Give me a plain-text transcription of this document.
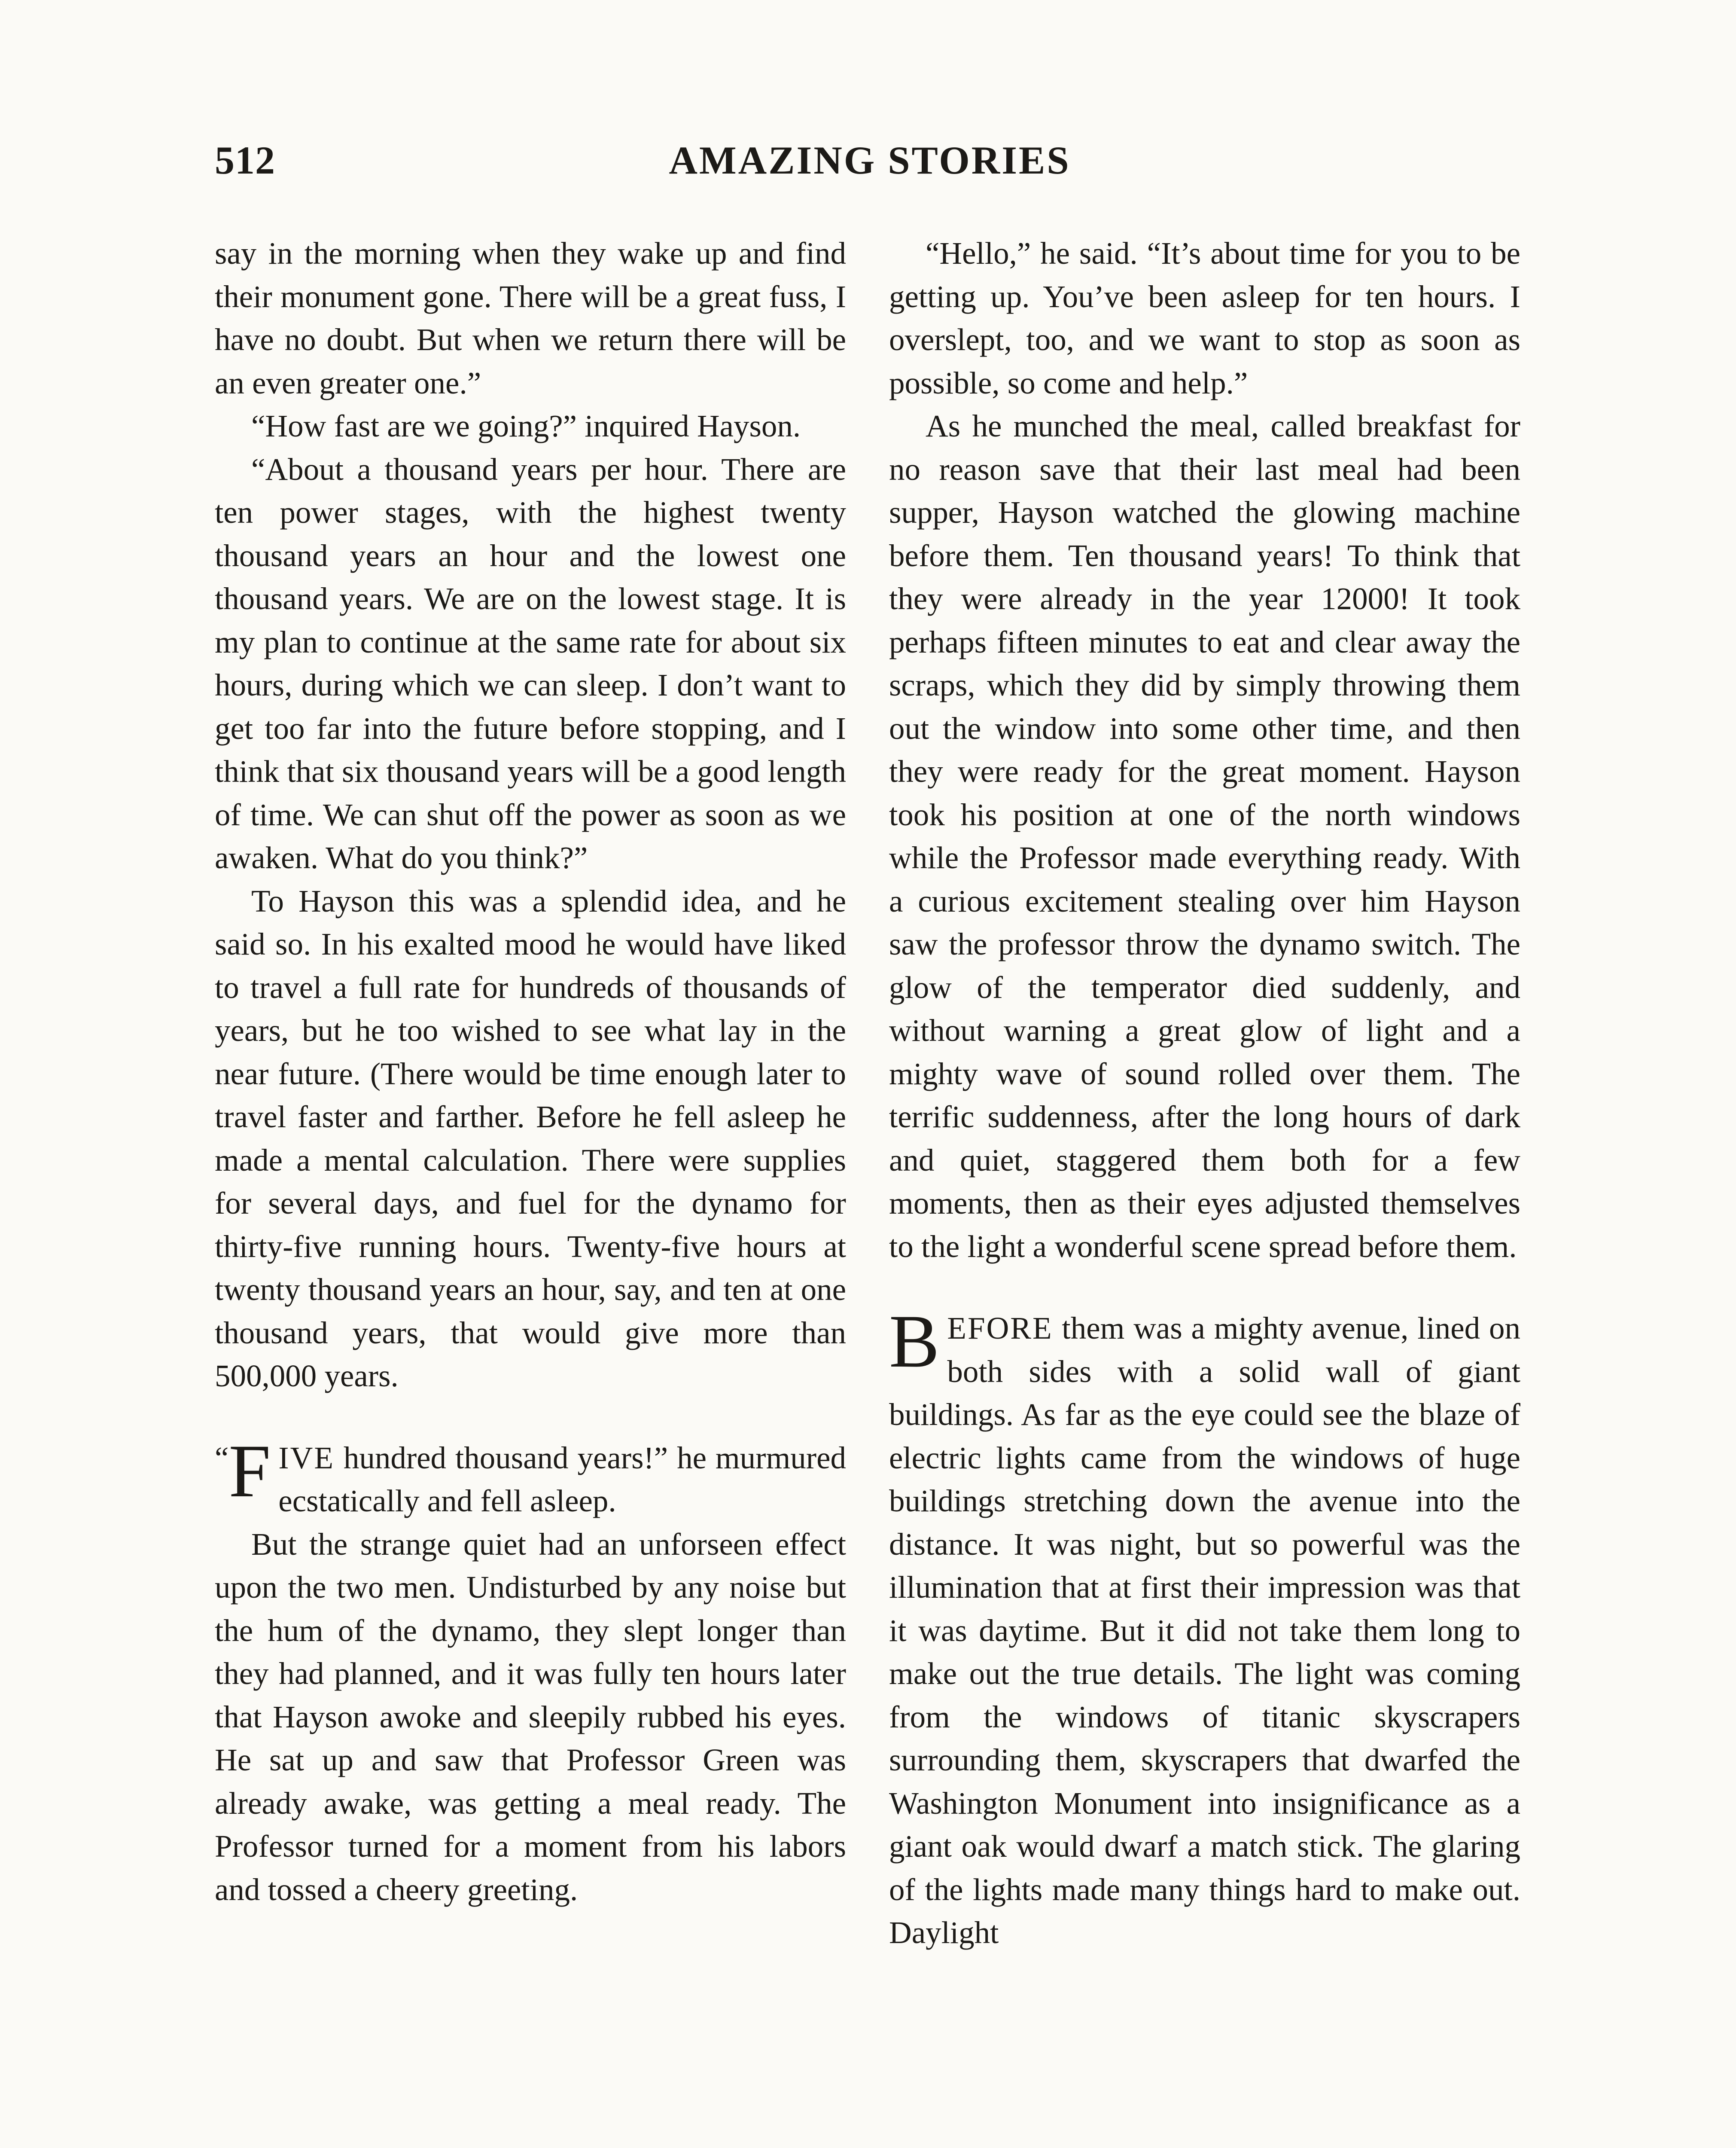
512	AMAZING STORIES

say in the morning when they wake up and find their monument gone. There will be a great fuss, I have no doubt. But when we return there will be an even greater one.”

“How fast are we going?” inquired Hayson.

“About a thousand years per hour. There are ten power stages, with the highest twenty thousand years an hour and the lowest one thousand years. We are on the lowest stage. It is my plan to continue at the same rate for about six hours, during which we can sleep. I don’t want to get too far into the future before stopping, and I think that six thousand years will be a good length of time. We can shut off the power as soon as we awaken. What do you think?”

To Hayson this was a splendid idea, and he said so. In his exalted mood he would have liked to travel a full rate for hundreds of thousands of years, but he too wished to see what lay in the near future. (There would be time enough later to travel faster and farther. Before he fell asleep he made a mental calculation. There were supplies for several days, and fuel for the dynamo for thirty-five running hours. Twenty-five hours at twenty thousand years an hour, say, and ten at one thousand years, that would give more than 500,000 years.

“ F IVE hundred thousand years!” he murmured ecstatically and fell asleep.

But the strange quiet had an unforseen effect upon the two men. Undisturbed by any noise but the hum of the dynamo, they slept longer than they had planned, and it was fully ten hours later that Hayson awoke and sleepily rubbed his eyes. He sat up and saw that Professor Green was already awake, was getting a meal ready. The Professor turned for a moment from his labors and tossed a cheery greeting.

“Hello,” he said. “It’s about time for you to be getting up. You’ve been asleep for ten hours. I overslept, too, and we want to stop as soon as possible, so come and help.”

As he munched the meal, called breakfast for no reason save that their last meal had been supper, Hayson watched the glowing machine before them. Ten thousand years! To think that they were already in the year 12000! It took perhaps fifteen minutes to eat and clear away the scraps, which they did by simply throwing them out the window into some other time, and then they were ready for the great moment. Hayson took his position at one of the north windows while the Professor made everything ready. With a curious excitement stealing over him Hayson saw the professor throw the dynamo switch. The glow of the temperator died suddenly, and without warning a great glow of light and a mighty wave of sound rolled over them. The terrific suddenness, after the long hours of dark and quiet, staggered them both for a few moments, then as their eyes adjusted themselves to the light a wonderful scene spread before them.

BEFORE them was a mighty avenue, lined on both sides with a solid wall of giant buildings. As far as the eye could see the blaze of electric lights came from the windows of huge buildings stretching down the avenue into the distance. It was night, but so powerful was the illumination that at first their impression was that it was daytime. But it did not take them long to make out the true details. The light was coming from the windows of titanic skyscrapers surrounding them, skyscrapers that dwarfed the Washington Monument into insignificance as a giant oak would dwarf a match stick. The glaring of the lights made many things hard to make out. Daylight
